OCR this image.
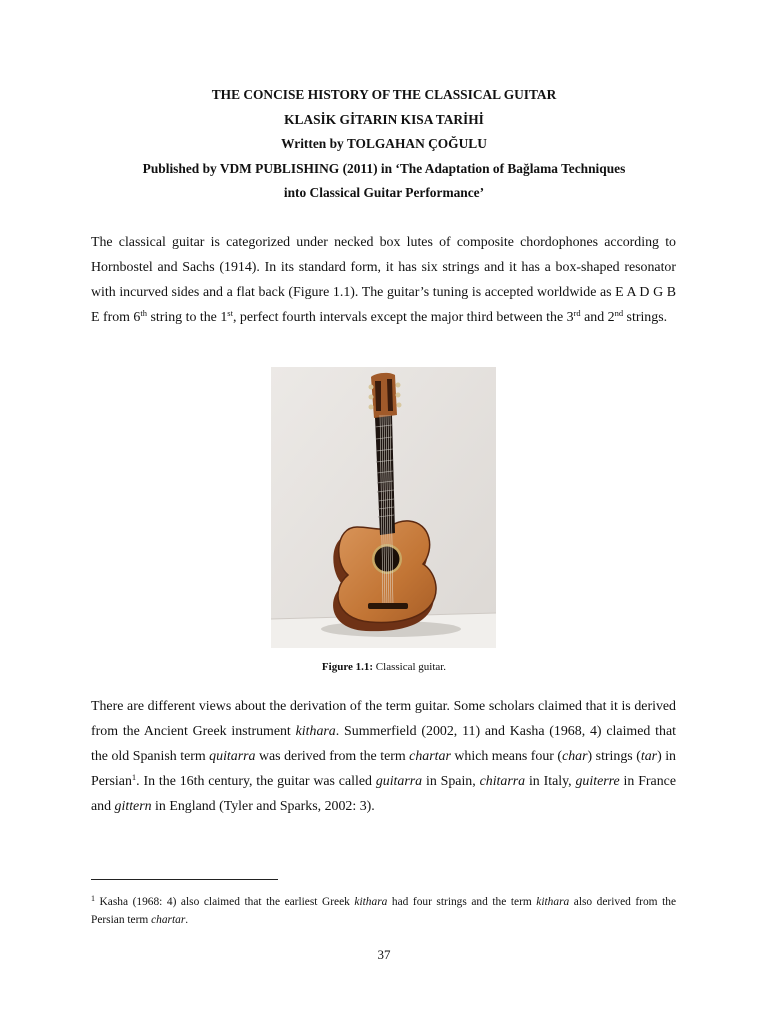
THE CONCISE HISTORY OF THE CLASSICAL GUITAR
KLASİK GİTARIN KISA TARİHİ
Written by TOLGAHAN ÇOĞULU
Published by VDM PUBLISHING (2011) in ‘The Adaptation of Bağlama Techniques
into Classical Guitar Performance’
The classical guitar is categorized under necked box lutes of composite chordophones according to Hornbostel and Sachs (1914). In its standard form, it has six strings and it has a box-shaped resonator with incurved sides and a flat back (Figure 1.1). The guitar’s tuning is accepted worldwide as E A D G B E from 6th string to the 1st, perfect fourth intervals except the major third between the 3rd and 2nd strings.
Figure 1.1: Classical guitar.
There are different views about the derivation of the term guitar. Some scholars claimed that it is derived from the Ancient Greek instrument kithara. Summerfield (2002, 11) and Kasha (1968, 4) claimed that the old Spanish term quitarra was derived from the term chartar which means four (char) strings (tar) in Persian$^1$. In the 16th century, the guitar was called guitarra in Spain, chitarra in Italy, guiterre in France and gittern in England (Tyler and Sparks, 2002: 3).
$^1$ Kasha (1968: 4) also claimed that the earliest Greek kithara had four strings and the term kithara also derived from the Persian term chartar.
37
